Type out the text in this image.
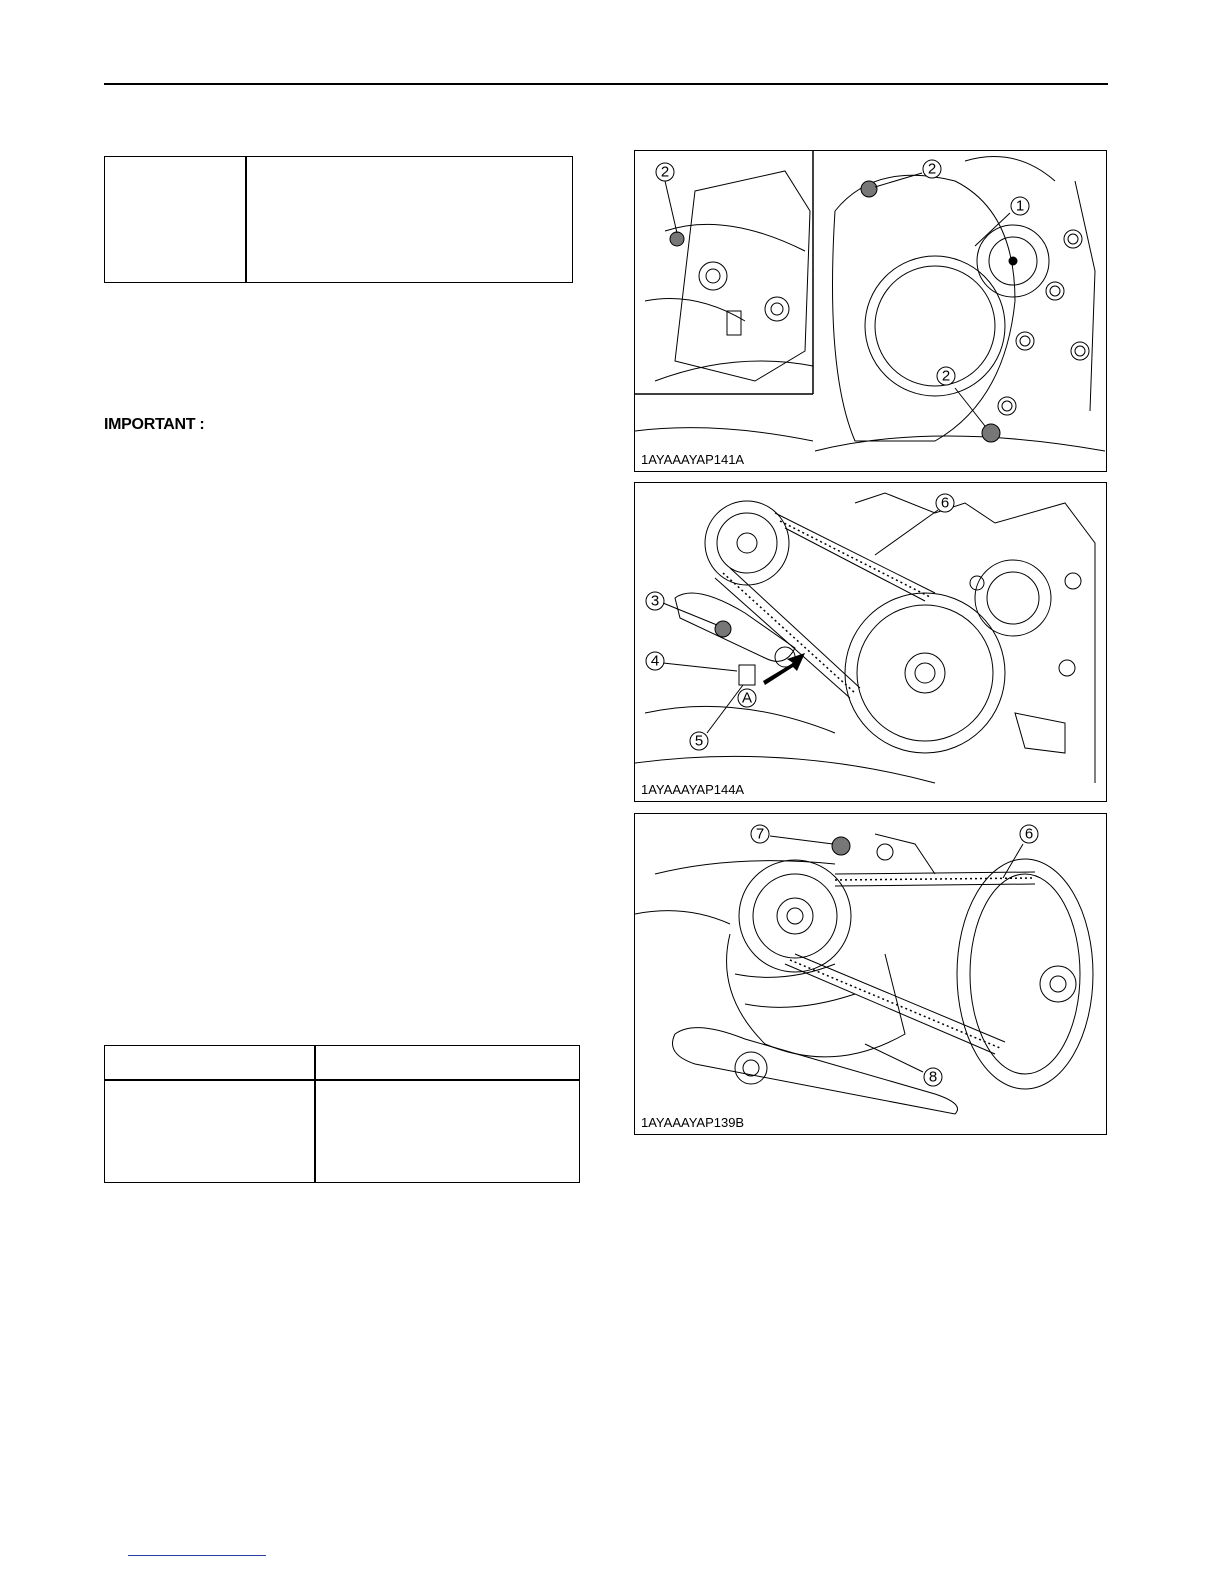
IMPORTANT :
2	2
1
2
1AYAAAYAP141A
6
3
4
5
A
1AYAAAYAP144A
7	6
8
1AYAAAYAP139B
